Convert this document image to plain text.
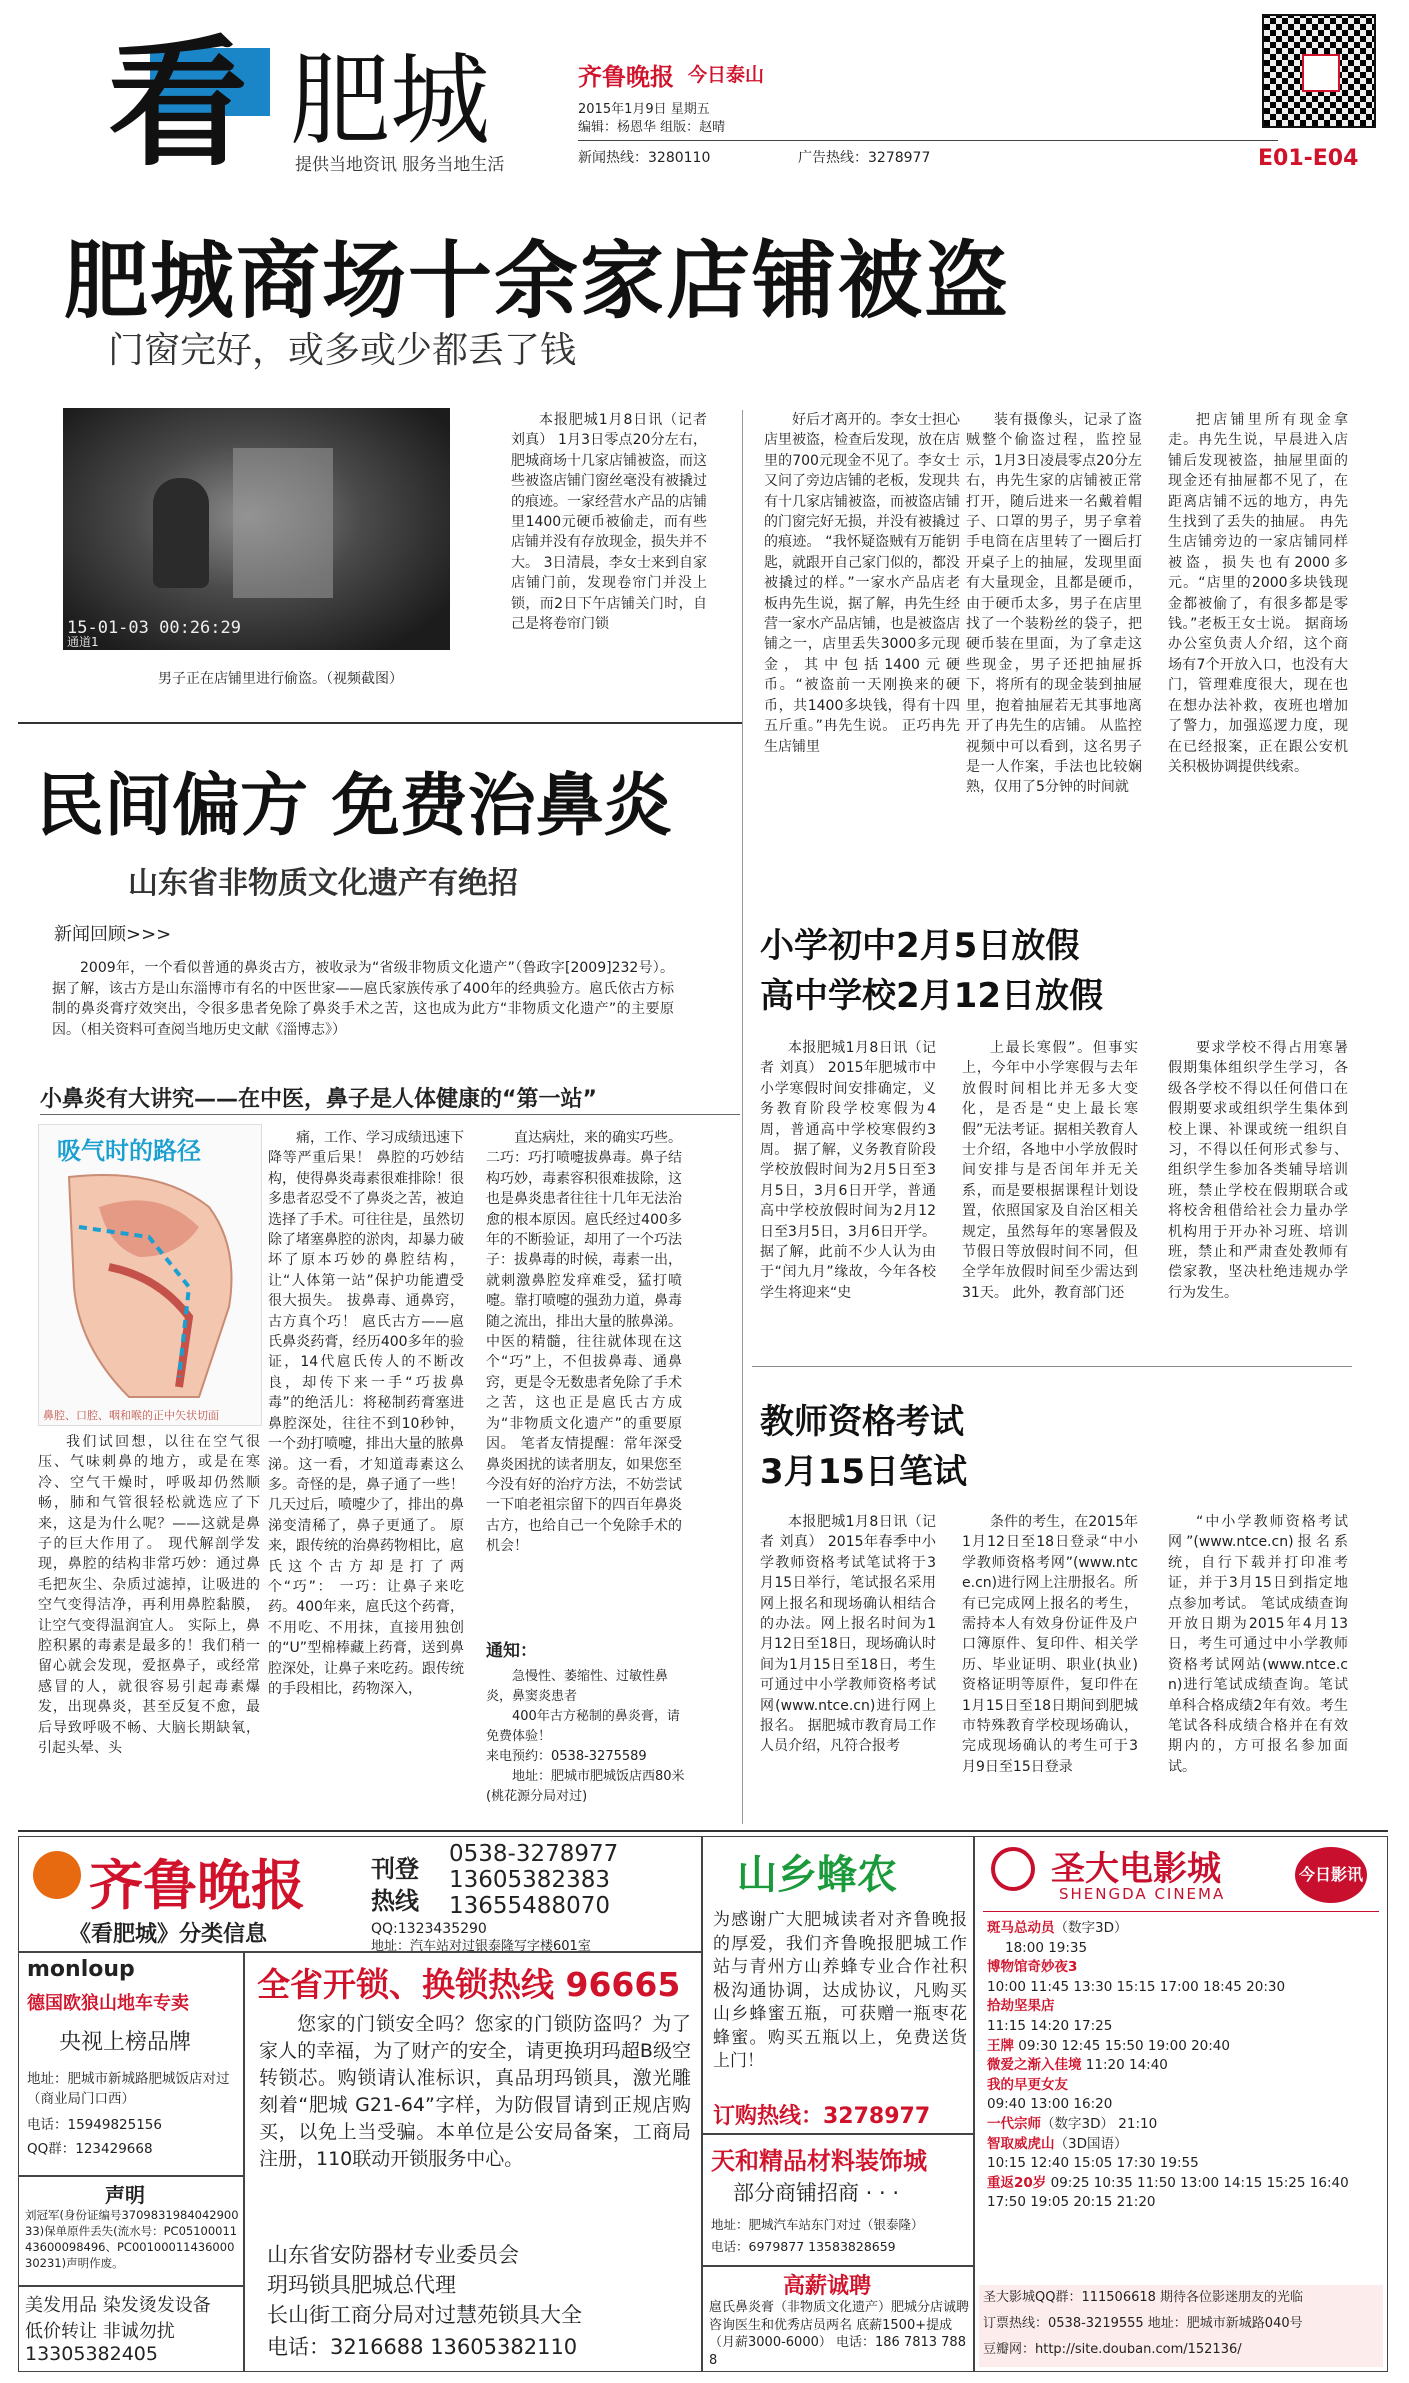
看 肥城
提供当地资讯 服务当地生活
齐鲁晚报 今日泰山
2015年1月9日 星期五
编辑：杨恩华 组版：赵晴
新闻热线：3280110	广告热线：3278977	E01-E04
肥城商场十余家店铺被盗
门窗完好，或多或少都丢了钱
15-01-03 00:26:29
通道1
男子正在店铺里进行偷盗。（视频截图）

本报肥城1月8日讯（记者 刘真） 1月3日零点20分左右，肥城商场十几家店铺被盗，而这些被盗店铺门窗丝毫没有被撬过的痕迹。一家经营水产品的店铺里1400元硬币被偷走，而有些店铺并没有存放现金，损失并不大。 3日清晨，李女士来到自家店铺门前，发现卷帘门并没上锁，而2日下午店铺关门时，自己是将卷帘门锁

好后才离开的。李女士担心店里被盗，检查后发现，放在店里的700元现金不见了。李女士又问了旁边店铺的老板，发现共有十几家店铺被盗，而被盗店铺的门窗完好无损，并没有被撬过的痕迹。 “我怀疑盗贼有万能钥匙，就跟开自己家门似的，都没被撬过的样。”一家水产品店老板冉先生说，据了解，冉先生经营一家水产品店铺，也是被盗店铺之一，店里丢失3000多元现金，其中包括1400元硬币。“被盗前一天刚换来的硬币，共1400多块钱，得有十四五斤重。”冉先生说。 正巧冉先生店铺里

装有摄像头，记录了盗贼整个偷盗过程，监控显示，1月3日凌晨零点20分左右，冉先生家的店铺被正常打开，随后进来一名戴着帽子、口罩的男子，男子拿着手电筒在店里转了一圈后打开桌子上的抽屉，发现里面有大量现金，且都是硬币，由于硬币太多，男子在店里找了一个装粉丝的袋子，把硬币装在里面，为了拿走这些现金，男子还把抽屉拆下，将所有的现金装到抽屉里，抱着抽屉若无其事地离开了冉先生的店铺。 从监控视频中可以看到，这名男子是一人作案，手法也比较娴熟，仅用了5分钟的时间就

把店铺里所有现金拿走。冉先生说，早晨进入店铺后发现被盗，抽屉里面的现金还有抽屉都不见了，在距离店铺不远的地方，冉先生找到了丢失的抽屉。 冉先生店铺旁边的一家店铺同样被盗，损失也有2000多元。“店里的2000多块钱现金都被偷了，有很多都是零钱。”老板王女士说。 据商场办公室负责人介绍，这个商场有7个开放入口，也没有大门，管理难度很大，现在也在想办法补救，夜班也增加了警力，加强巡逻力度，现在已经报案，正在跟公安机关积极协调提供线索。

民间偏方 免费治鼻炎
山东省非物质文化遗产有绝招
新闻回顾>>>

2009年，一个看似普通的鼻炎古方，被收录为“省级非物质文化遗产”（鲁政字[2009]232号）。据了解，该古方是山东淄博市有名的中医世家——扈氏家族传承了400年的经典验方。扈氏依古方标制的鼻炎膏疗效突出，令很多患者免除了鼻炎手术之苦，这也成为此方“非物质文化遗产”的主要原因。（相关资料可查阅当地历史文献《淄博志》）

小鼻炎有大讲究——在中医，鼻子是人体健康的“第一站”
吸气时的路径
鼻腔、口腔、咽和喉的正中矢状切面

我们试回想，以往在空气很压、气味刺鼻的地方，或是在寒冷、空气干燥时，呼吸却仍然顺畅，肺和气管很轻松就选应了下来，这是为什么呢？——这就是鼻子的巨大作用了。 现代解剖学发现，鼻腔的结构非常巧妙：通过鼻毛把灰尘、杂质过滤掉，让吸进的空气变得洁净，再利用鼻腔黏膜，让空气变得温润宜人。 实际上，鼻腔积累的毒素是最多的！我们稍一留心就会发现，爱抠鼻子，或经常感冒的人，就很容易引起毒素爆发，出现鼻炎，甚至反复不愈，最后导致呼吸不畅、大脑长期缺氧，引起头晕、头

痛，工作、学习成绩迅速下降等严重后果！ 鼻腔的巧妙结构，使得鼻炎毒素很难排除！很多患者忍受不了鼻炎之苦，被迫选择了手术。可往往是，虽然切除了堵塞鼻腔的淤肉，却暴力破坏了原本巧妙的鼻腔结构，让“人体第一站”保护功能遭受很大损失。 拔鼻毒、通鼻窍，古方真个巧！ 扈氏古方——扈氏鼻炎药膏，经历400多年的验证，14代扈氏传人的不断改良，却传下来一手“巧拔鼻毒”的绝活儿：将秘制药膏塞进鼻腔深处，往往不到10秒钟，一个劲打喷嚏，排出大量的脓鼻涕。这一看，才知道毒素这么多。奇怪的是，鼻子通了一些！几天过后，喷嚏少了，排出的鼻涕变清稀了，鼻子更通了。 原来，跟传统的治鼻药物相比，扈氏这个古方却是打了两个“巧”： 一巧：让鼻子来吃药。400年来，扈氏这个药膏，不用吃、不用抹，直接用独创的“U”型棉棒藏上药膏，送到鼻腔深处，让鼻子来吃药。跟传统的手段相比，药物深入，

直达病灶，来的确实巧些。 二巧：巧打喷嚏拔鼻毒。鼻子结构巧妙，毒素容积很难拔除，这也是鼻炎患者往往十几年无法治愈的根本原因。扈氏经过400多年的不断验证，却用了一个巧法子：拔鼻毒的时候，毒素一出，就刺激鼻腔发痒难受，猛打喷嚏。靠打喷嚏的强劲力道，鼻毒随之流出，排出大量的脓鼻涕。 中医的精髓，往往就体现在这个“巧”上，不但拔鼻毒、通鼻窍，更是令无数患者免除了手术之苦，这也正是扈氏古方成为“非物质文化遗产”的重要原因。 笔者友情提醒：常年深受鼻炎困扰的读者朋友，如果您至今没有好的治疗方法，不妨尝试一下咱老祖宗留下的四百年鼻炎古方，也给自己一个免除手术的机会！

通知：
急慢性、萎缩性、过敏性鼻炎，鼻窦炎患者
400年古方秘制的鼻炎膏，请免费体验！
来电预约：0538-3275589
地址：肥城市肥城饭店西80米(桃花源分局对过)
小学初中2月5日放假
高中学校2月12日放假

本报肥城1月8日讯（记者 刘真） 2015年肥城市中小学寒假时间安排确定，义务教育阶段学校寒假为4周，普通高中学校寒假约3周。 据了解，义务教育阶段学校放假时间为2月5日至3月5日，3月6日开学，普通高中学校放假时间为2月12日至3月5日，3月6日开学。 据了解，此前不少人认为由于“闰九月”缘故，今年各校学生将迎来“史

上最长寒假”。但事实上，今年中小学寒假与去年放假时间相比并无多大变化，是否是“史上最长寒假”无法考证。据相关教育人士介绍，各地中小学放假时间安排与是否闰年并无关系，而是要根据课程计划设置，依照国家及自治区相关规定，虽然每年的寒暑假及节假日等放假时间不同，但全学年放假时间至少需达到31天。 此外，教育部门还

要求学校不得占用寒暑假期集体组织学生学习，各级各学校不得以任何借口在假期要求或组织学生集体到校上课、补课或统一组织自习，不得以任何形式参与、组织学生参加各类辅导培训班，禁止学校在假期联合或将校舍租借给社会力量办学机构用于开办补习班、培训班，禁止和严肃查处教师有偿家教，坚决杜绝违规办学行为发生。

教师资格考试
3月15日笔试

本报肥城1月8日讯（记者 刘真） 2015年春季中小学教师资格考试笔试将于3月15日举行，笔试报名采用网上报名和现场确认相结合的办法。网上报名时间为1月12日至18日，现场确认时间为1月15日至18日，考生可通过中小学教师资格考试网(www.ntce.cn)进行网上报名。 据肥城市教育局工作人员介绍，凡符合报考

条件的考生，在2015年1月12日至18日登录“中小学教师资格考网”(www.ntce.cn)进行网上注册报名。所有已完成网上报名的考生，需持本人有效身份证件及户口簿原件、复印件、相关学历、毕业证明、职业(执业)资格证明等原件，复印件在1月15日至18日期间到肥城市特殊教育学校现场确认，完成现场确认的考生可于3月9日至15日登录

“中小学教师资格考试网”(www.ntce.cn)报名系统，自行下载并打印准考证，并于3月15日到指定地点参加考试。 笔试成绩查询开放日期为2015年4月13日，考生可通过中小学教师资格考试网站(www.ntce.cn)进行笔试成绩查询。笔试单科合格成绩2年有效。考生笔试各科成绩合格并在有效期内的，方可报名参加面试。

齐鲁晚报	刊登
热线
0538-3278977
13605382383
13655488070
QQ:1323435290
《看肥城》分类信息	地址：汽车站对过银泰隆写字楼601室
monloup
德国欧狼山地车专卖
央视上榜品牌
地址：肥城市新城路肥城饭店对过（商业局门口西）
电话：15949825156
QQ群：123429668
声明
刘冠军(身份证编号370983198404290033)保单原件丢失(流水号：PC0510001143600098496、PC0010001143600030231)声明作废。
美发用品 染发烫发设备
低价转让 非诚勿扰
13305382405
全省开锁、换锁热线 96665
您家的门锁安全吗？您家的门锁防盗吗？为了家人的幸福，为了财产的安全，请更换玥玛超B级空转锁芯。购锁请认准标识，真品玥玛锁具，激光雕刻着“肥城 G21-64”字样，为防假冒请到正规店购买，以免上当受骗。本单位是公安局备案，工商局注册，110联动开锁服务中心。
山东省安防器材专业委员会
玥玛锁具肥城总代理
长山街工商分局对过慧苑锁具大全
电话：3216688 13605382110
山乡蜂农
为感谢广大肥城读者对齐鲁晚报的厚爱，我们齐鲁晚报肥城工作站与青州方山养蜂专业合作社积极沟通协调，达成协议，凡购买山乡蜂蜜五瓶，可获赠一瓶枣花蜂蜜。购买五瓶以上，免费送货上门！
订购热线：3278977
天和精品材料装饰城
部分商铺招商 · · ·
地址：肥城汽车站东门对过（银泰隆）
电话：6979877 13583828659
高薪诚聘
扈氏鼻炎膏（非物质文化遗产）肥城分店诚聘咨询医生和优秀店员两名 底薪1500+提成（月薪3000-6000） 电话：186 7813 7888
圣大电影城
SHENGDA CINEMA
今日影讯
斑马总动员（数字3D）
18:00 19:35
博物馆奇妙夜3
10:00 11:45 13:30 15:15 17:00 18:45 20:30
拾劫坚果店
11:15 14:20 17:25
王牌 09:30 12:45 15:50 19:00 20:40
微爱之渐入佳境 11:20 14:40
我的早更女友
09:40 13:00 16:20
一代宗师（数字3D） 21:10
智取威虎山（3D国语）
10:15 12:40 15:05 17:30 19:55
重返20岁 09:25 10:35 11:50 13:00 14:15 15:25 16:40 17:50 19:05 20:15 21:20
圣大影城QQ群：111506618 期待各位影迷朋友的光临
订票热线：0538-3219555 地址：肥城市新城路040号
豆瓣网：http://site.douban.com/152136/
